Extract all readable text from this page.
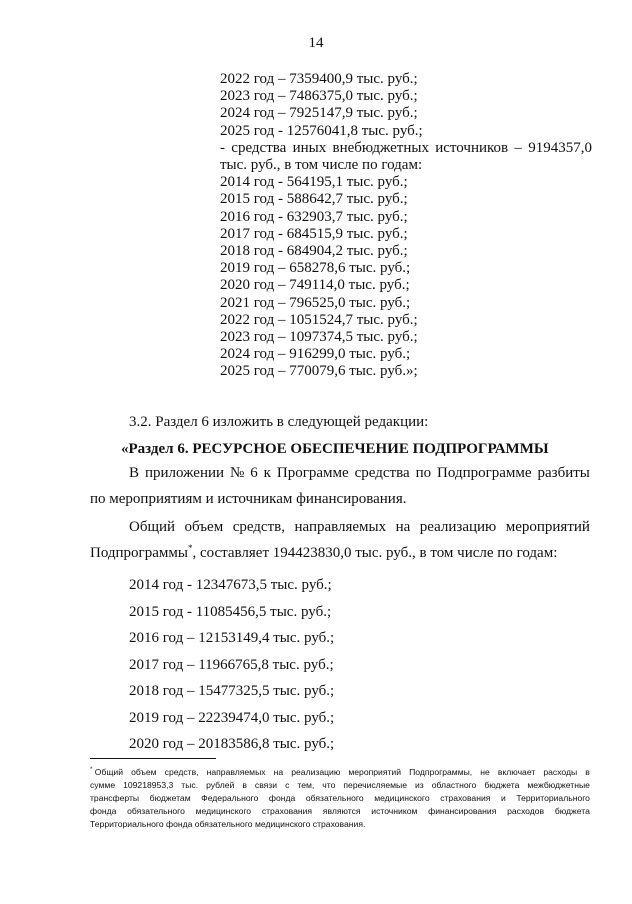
14
2022 год – 7359400,9 тыс. руб.;
2023 год – 7486375,0 тыс. руб.;
2024 год – 7925147,9 тыс. руб.;
2025 год - 12576041,8 тыс. руб.;
- средства иных внебюджетных источников – 9194357,0
тыс. руб., в том числе по годам:
2014 год - 564195,1 тыс. руб.;
2015 год - 588642,7 тыс. руб.;
2016 год - 632903,7 тыс. руб.;
2017 год - 684515,9 тыс. руб.;
2018 год - 684904,2 тыс. руб.;
2019 год – 658278,6 тыс. руб.;
2020 год – 749114,0 тыс. руб.;
2021 год – 796525,0 тыс. руб.;
2022 год – 1051524,7 тыс. руб.;
2023 год – 1097374,5 тыс. руб.;
2024 год – 916299,0 тыс. руб.;
2025 год – 770079,6 тыс. руб.»;
3.2. Раздел 6 изложить в следующей редакции:
«Раздел 6. РЕСУРСНОЕ ОБЕСПЕЧЕНИЕ ПОДПРОГРАММЫ
В приложении № 6 к Программе средства по Подпрограмме разбиты
по мероприятиям и источникам финансирования.
Общий объем средств, направляемых на реализацию мероприятий
Подпрограммы*, составляет 194423830,0 тыс. руб., в том числе по годам:
2014 год - 12347673,5 тыс. руб.;
2015 год - 11085456,5 тыс. руб.;
2016 год – 12153149,4 тыс. руб.;
2017 год – 11966765,8 тыс. руб.;
2018 год – 15477325,5 тыс. руб.;
2019 год – 22239474,0 тыс. руб.;
2020 год – 20183586,8 тыс. руб.;
* Общий объем средств, направляемых на реализацию мероприятий Подпрограммы, не включает расходы в
сумме 109218953,3 тыс. рублей в связи с тем, что перечисляемые из областного бюджета межбюджетные
трансферты бюджетам Федерального фонда обязательного медицинского страхования и Территориального
фонда обязательного медицинского страхования являются источником финансирования расходов бюджета
Территориального фонда обязательного медицинского страхования.
